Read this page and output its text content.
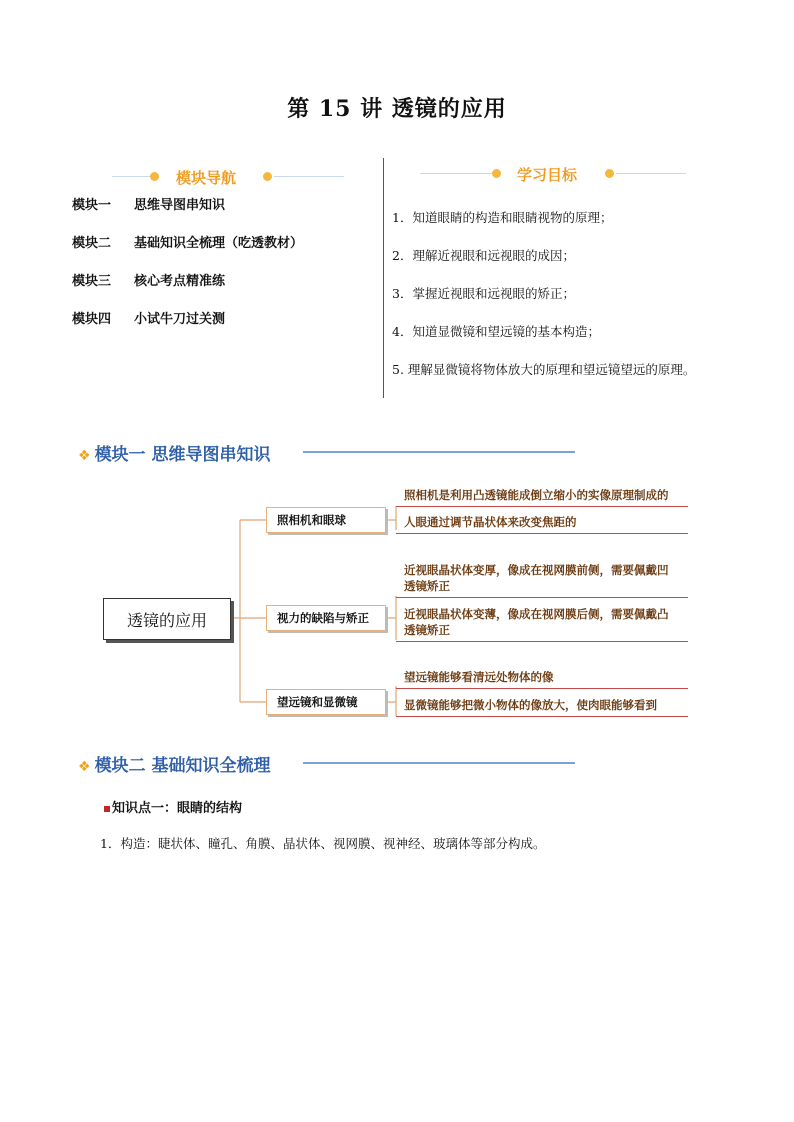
第 15 讲 透镜的应用
模块导航
模块一 思维导图串知识
模块二 基础知识全梳理（吃透教材）
模块三 核心考点精准练
模块四 小试牛刀过关测
学习目标
1．知道眼睛的构造和眼睛视物的原理；
2．理解近视眼和远视眼的成因；
3．掌握近视眼和远视眼的矫正；
4．知道显微镜和望远镜的基本构造；
5. 理解显微镜将物体放大的原理和望远镜望远的原理。
❖ 模块一 思维导图串知识
透镜的应用
照相机和眼球
视力的缺陷与矫正
望远镜和显微镜
照相机是利用凸透镜能成倒立缩小的实像原理制成的
人眼通过调节晶状体来改变焦距的
近视眼晶状体变厚，像成在视网膜前侧，需要佩戴凹透镜矫正
近视眼晶状体变薄，像成在视网膜后侧，需要佩戴凸透镜矫正
望远镜能够看清远处物体的像
显微镜能够把微小物体的像放大，使肉眼能够看到
❖ 模块二 基础知识全梳理
知识点一：眼睛的结构
1．构造：睫状体、瞳孔、角膜、晶状体、视网膜、视神经、玻璃体等部分构成。
